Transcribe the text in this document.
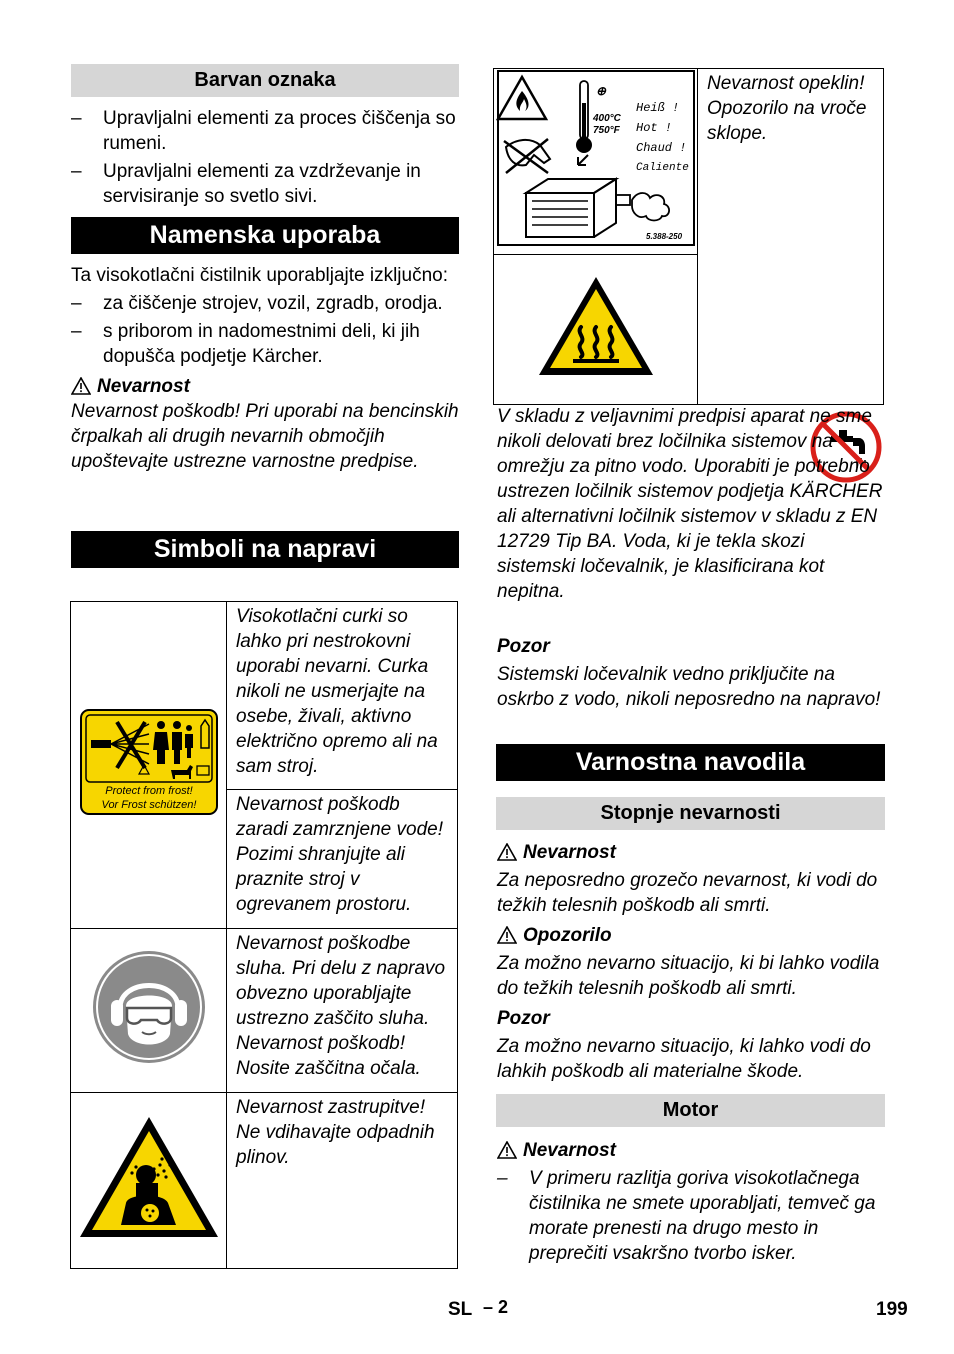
Barvan oznaka
– Upravljalni elementi za proces čiščenja so rumeni.
– Upravljalni elementi za vzdrževanje in servisiranje so svetlo sivi.
Namenska uporaba
Ta visokotlačni čistilnik uporabljajte izključno:
– za čiščenje strojev, vozil, zgradb, orodja.
– s priborom in nadomestnimi deli, ki jih dopušča podjetje Kärcher.
Nevarnost
Nevarnost poškodb! Pri uporabi na bencinskih črpalkah ali drugih nevarnih območjih upoštevajte ustrezne varnostne predpise.
Simboli na napravi
Protect from frost!
Vor Frost schützen!	Visokotlačni curki so lahko pri nestrokovni uporabi nevarni. Curka nikoli ne usmerjajte na osebe, živali, aktivno električno opremo ali na sam stroj.
	Nevarnost poškodb zaradi zamrznjene vode! Pozimi shranjujte ali praznite stroj v ogrevanem prostoru.
	Nevarnost poškodbe sluha. Pri delu z napravo obvezno uporabljajte ustrezno zaščito sluha. Nevarnost poškodb! Nosite zaščitna očala.
	Nevarnost zastrupitve! Ne vdihavajte odpadnih plinov.
400°C
750°F
⊕
Heiß !
Hot !
Chaud !
Caliente !
5.388-250
	Nevarnost opeklin! Opozorilo na vroče sklope.

V skladu z veljavnimi predpisi aparat ne sme nikoli delovati brez ločilnika sistemov na omrežju za pitno vodo. Uporabiti je potrebno ustrezen ločilnik sistemov podjetja KÄRCHER ali alternativni ločilnik sistemov v skladu z EN 12729 Tip BA. Voda, ki je tekla skozi sistemski ločevalnik, je klasificirana kot nepitna.
Pozor
Sistemski ločevalnik vedno priključite na oskrbo z vodo, nikoli neposredno na napravo!
Varnostna navodila
Stopnje nevarnosti
Nevarnost
Za neposredno grozečo nevarnost, ki vodi do težkih telesnih poškodb ali smrti.
Opozorilo
Za možno nevarno situacijo, ki bi lahko vodila do težkih telesnih poškodb ali smrti.
Pozor
Za možno nevarno situacijo, ki lahko vodi do lahkih poškodb ali materialne škode.
Motor
Nevarnost
– V primeru razlitja goriva visokotlačnega čistilnika ne smete uporabljati, temveč ga morate prenesti na drugo mesto in preprečiti vsakršno tvorbo isker.
SL – 2	199
